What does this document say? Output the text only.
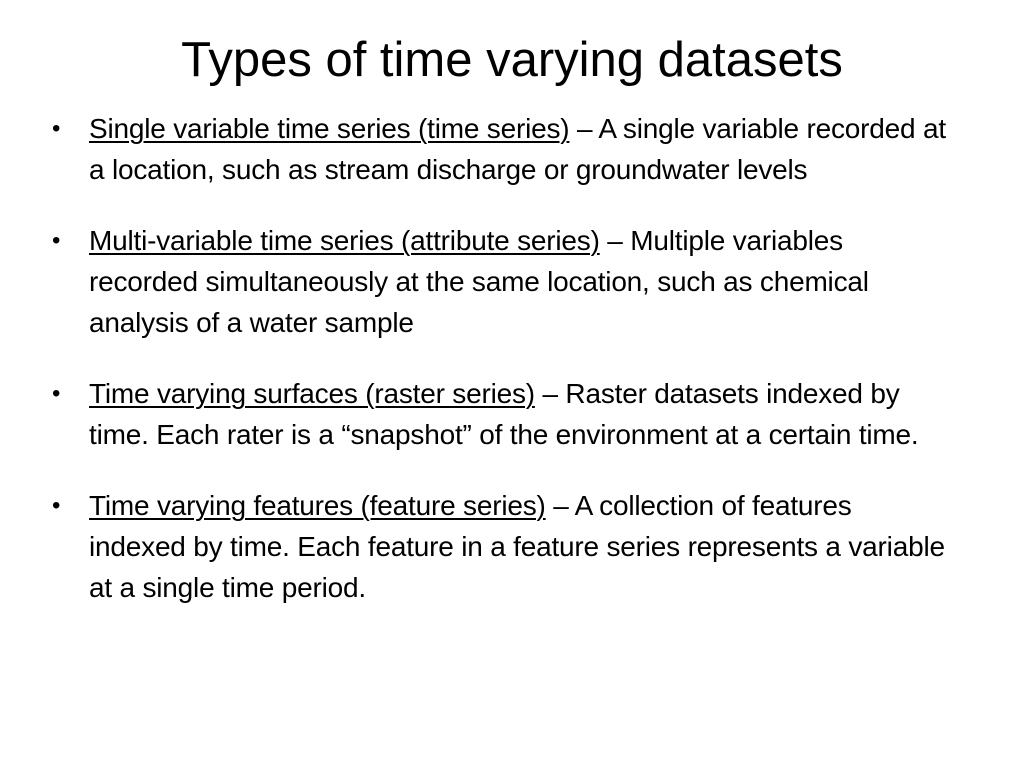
Types of time varying datasets
•	Single variable time series (time series) – A single variable recorded at a location, such as stream discharge or groundwater levels
•	Multi-variable time series (attribute series) – Multiple variables recorded simultaneously at the same location, such as chemical analysis of a water sample
•	Time varying surfaces (raster series) – Raster datasets indexed by time. Each rater is a “snapshot” of the environment at a certain time.
•	Time varying features (feature series) – A collection of features indexed by time. Each feature in a feature series represents a variable at a single time period.
